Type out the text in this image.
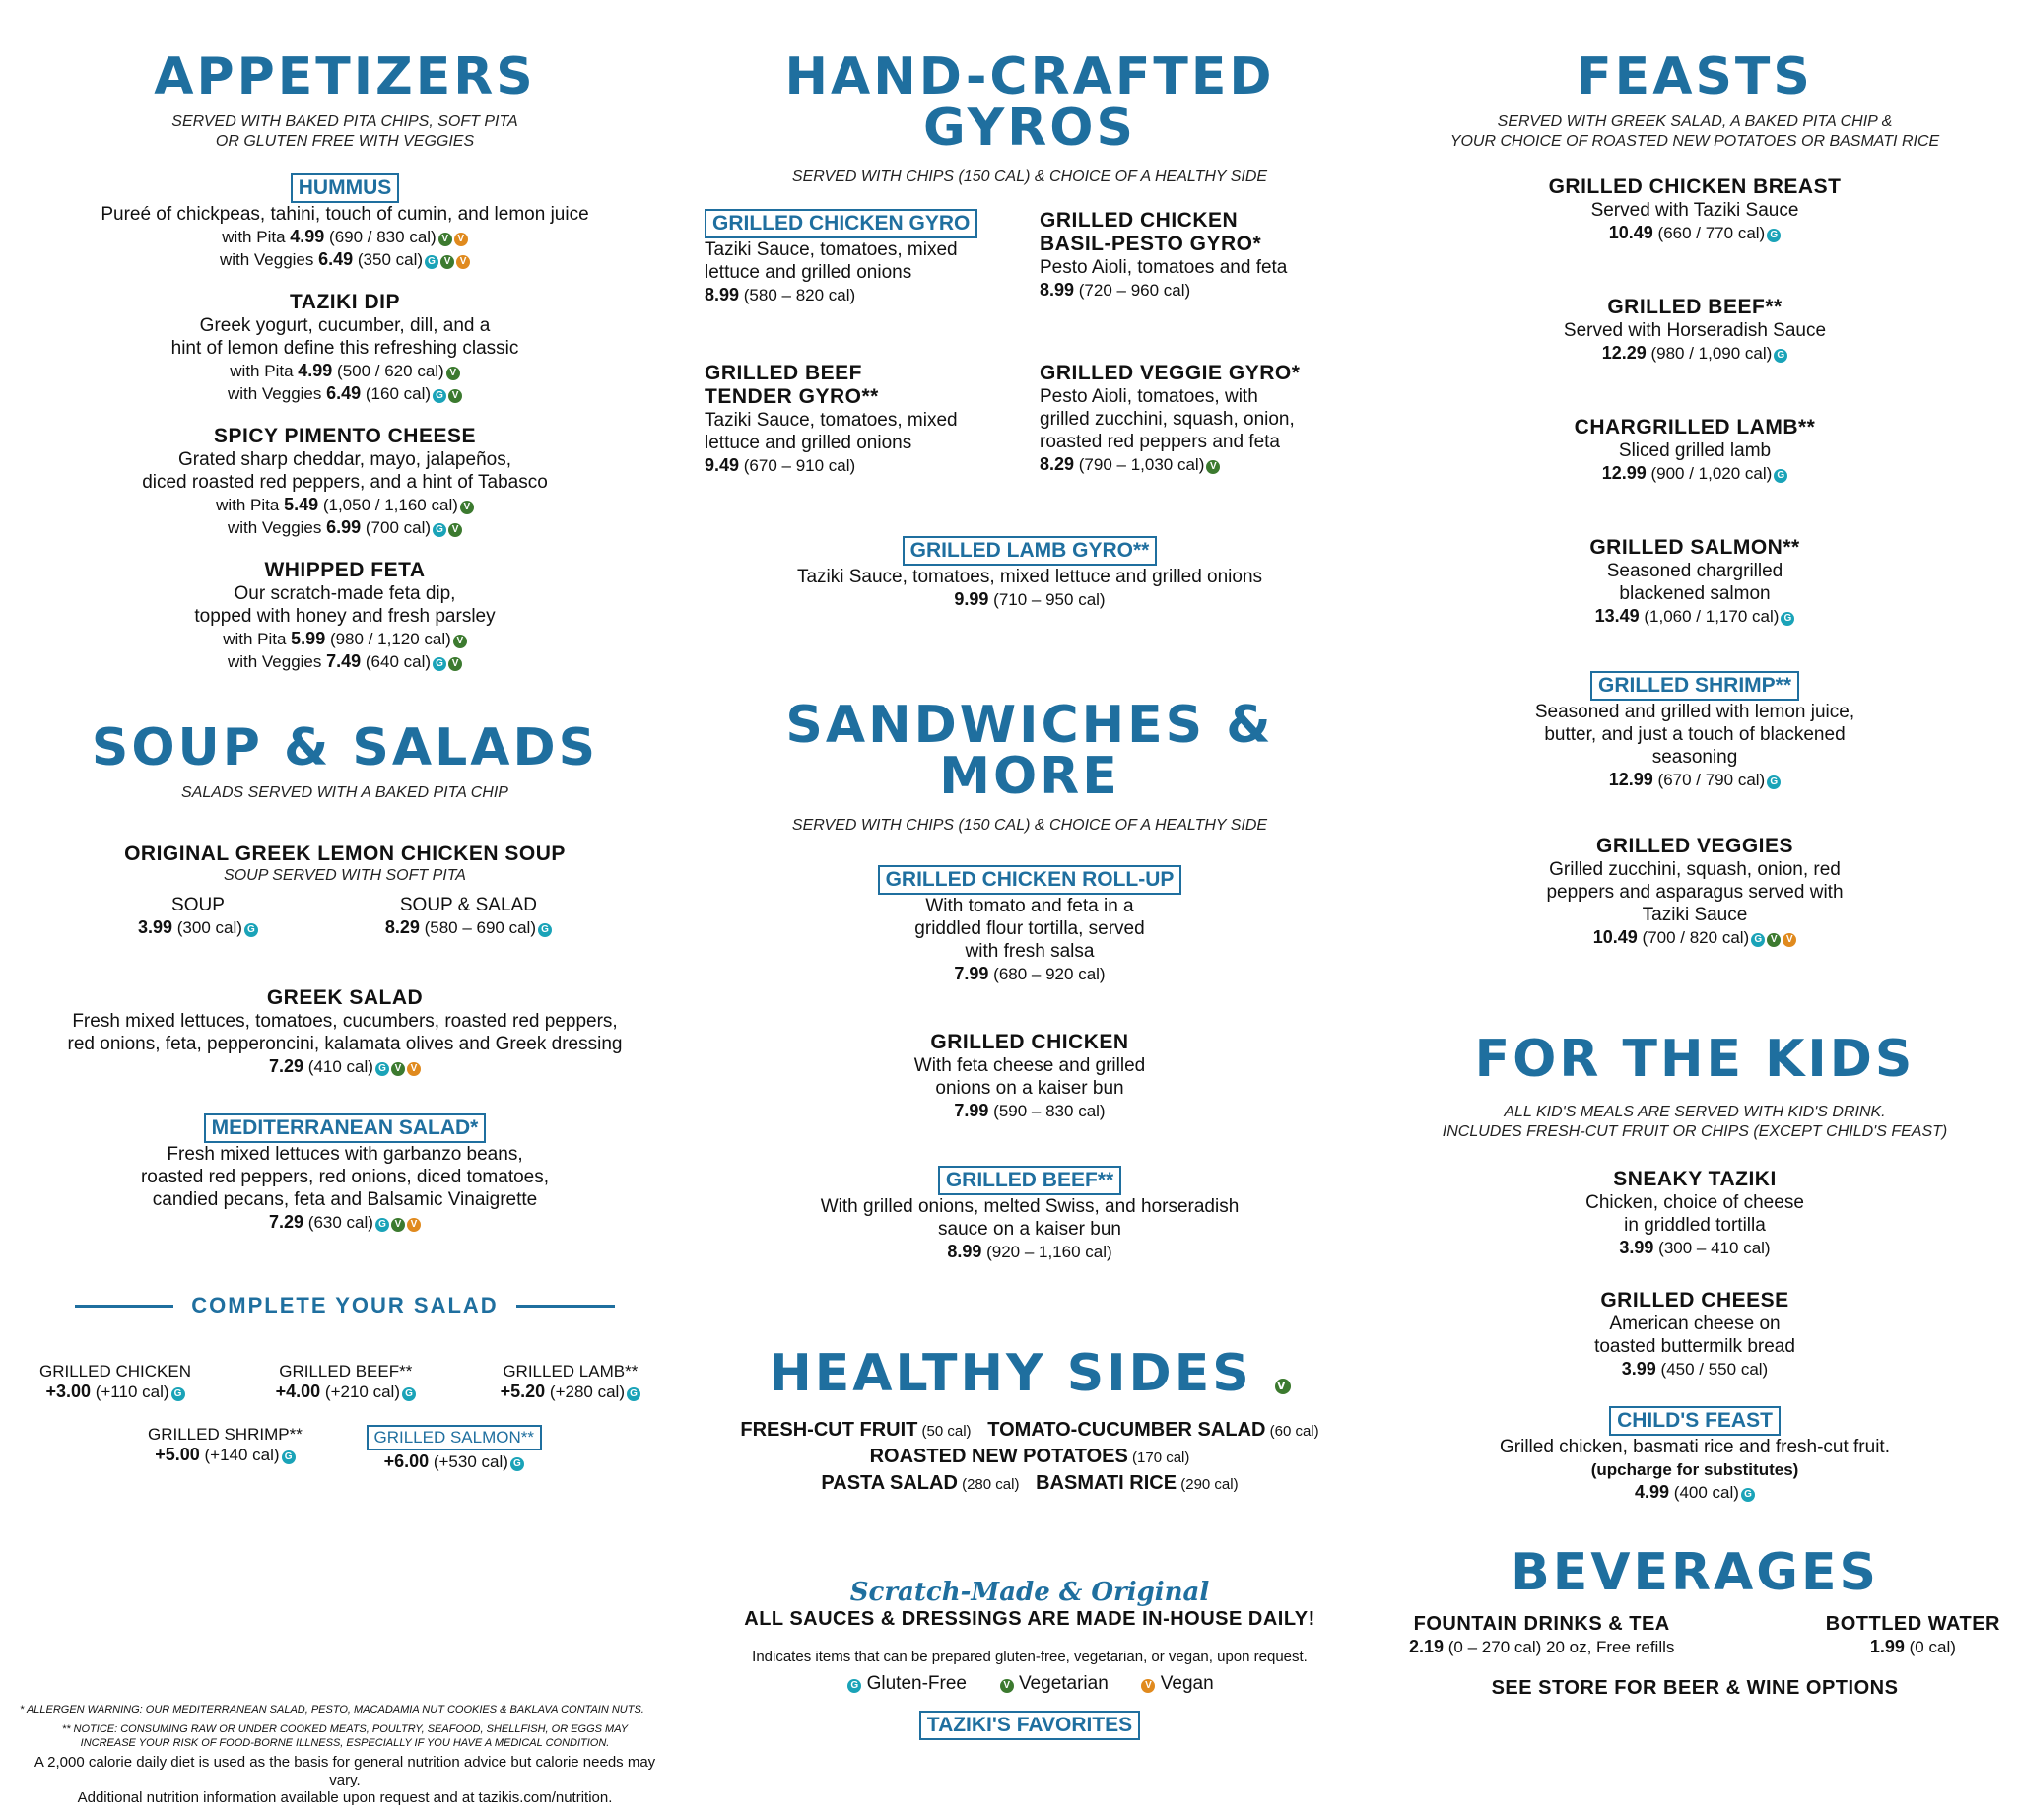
APPETIZERS
SERVED WITH BAKED PITA CHIPS, SOFT PITA
OR GLUTEN FREE WITH VEGGIES
HUMMUS
Pureé of chickpeas, tahini, touch of cumin, and lemon juice
with Pita 4.99 (690 / 830 cal) V V
with Veggies 6.49 (350 cal) G V V
TAZIKI DIP
Greek yogurt, cucumber, dill, and a
hint of lemon define this refreshing classic
with Pita 4.99 (500 / 620 cal) V
with Veggies 6.49 (160 cal) G V
SPICY PIMENTO CHEESE
Grated sharp cheddar, mayo, jalapeños,
diced roasted red peppers, and a hint of Tabasco
with Pita 5.49 (1,050 / 1,160 cal) V
with Veggies 6.99 (700 cal) G V
WHIPPED FETA
Our scratch-made feta dip,
topped with honey and fresh parsley
with Pita 5.99 (980 / 1,120 cal) V
with Veggies 7.49 (640 cal) G V
SOUP & SALADS
SALADS SERVED WITH A BAKED PITA CHIP
ORIGINAL GREEK LEMON CHICKEN SOUP
SOUP SERVED WITH SOFT PITA
SOUP
3.99 (300 cal) G
SOUP & SALAD
8.29 (580 – 690 cal) G
GREEK SALAD
Fresh mixed lettuces, tomatoes, cucumbers, roasted red peppers,
red onions, feta, pepperoncini, kalamata olives and Greek dressing
7.29 (410 cal) G V V
MEDITERRANEAN SALAD*
Fresh mixed lettuces with garbanzo beans,
roasted red peppers, red onions, diced tomatoes,
candied pecans, feta and Balsamic Vinaigrette
7.29 (630 cal) G V V
COMPLETE YOUR SALAD
GRILLED CHICKEN
+3.00 (+110 cal) G
GRILLED BEEF**
+4.00 (+210 cal) G
GRILLED LAMB**
+5.20 (+280 cal) G
GRILLED SHRIMP**
+5.00 (+140 cal) G
GRILLED SALMON**
+6.00 (+530 cal) G
* ALLERGEN WARNING: OUR MEDITERRANEAN SALAD, PESTO, MACADAMIA NUT COOKIES & BAKLAVA CONTAIN NUTS.
** NOTICE: CONSUMING RAW OR UNDER COOKED MEATS, POULTRY, SEAFOOD, SHELLFISH, OR EGGS MAY
INCREASE YOUR RISK OF FOOD-BORNE ILLNESS, ESPECIALLY IF YOU HAVE A MEDICAL CONDITION.
A 2,000 calorie daily diet is used as the basis for general nutrition advice but calorie needs may vary.
Additional nutrition information available upon request and at tazikis.com/nutrition.
HAND-CRAFTED GYROS
SERVED WITH CHIPS (150 CAL) & CHOICE OF A HEALTHY SIDE
GRILLED CHICKEN GYRO
Taziki Sauce, tomatoes, mixed
lettuce and grilled onions
8.99 (580 – 820 cal)
GRILLED CHICKEN
BASIL-PESTO GYRO*
Pesto Aioli, tomatoes and feta
8.99 (720 – 960 cal)
GRILLED BEEF
TENDER GYRO**
Taziki Sauce, tomatoes, mixed
lettuce and grilled onions
9.49 (670 – 910 cal)
GRILLED VEGGIE GYRO*
Pesto Aioli, tomatoes, with
grilled zucchini, squash, onion,
roasted red peppers and feta
8.29 (790 – 1,030 cal) V
GRILLED LAMB GYRO**
Taziki Sauce, tomatoes, mixed lettuce and grilled onions
9.99 (710 – 950 cal)
SANDWICHES & MORE
SERVED WITH CHIPS (150 CAL) & CHOICE OF A HEALTHY SIDE
GRILLED CHICKEN ROLL-UP
With tomato and feta in a
griddled flour tortilla, served
with fresh salsa
7.99 (680 – 920 cal)
GRILLED CHICKEN
With feta cheese and grilled
onions on a kaiser bun
7.99 (590 – 830 cal)
GRILLED BEEF**
With grilled onions, melted Swiss, and horseradish
sauce on a kaiser bun
8.99 (920 – 1,160 cal)
HEALTHY SIDES V
FRESH-CUT FRUIT (50 cal) TOMATO-CUCUMBER SALAD (60 cal)
ROASTED NEW POTATOES (170 cal)
PASTA SALAD (280 cal) BASMATI RICE (290 cal)
Scratch-Made & Original
ALL SAUCES & DRESSINGS ARE MADE IN-HOUSE DAILY!
Indicates items that can be prepared gluten-free, vegetarian, or vegan, upon request.
G Gluten-Free	V Vegetarian	V Vegan
TAZIKI'S FAVORITES
FEASTS
SERVED WITH GREEK SALAD, A BAKED PITA CHIP &
YOUR CHOICE OF ROASTED NEW POTATOES OR BASMATI RICE
GRILLED CHICKEN BREAST
Served with Taziki Sauce
10.49 (660 / 770 cal) G
GRILLED BEEF**
Served with Horseradish Sauce
12.29 (980 / 1,090 cal) G
CHARGRILLED LAMB**
Sliced grilled lamb
12.99 (900 / 1,020 cal) G
GRILLED SALMON**
Seasoned chargrilled
blackened salmon
13.49 (1,060 / 1,170 cal) G
GRILLED SHRIMP**
Seasoned and grilled with lemon juice,
butter, and just a touch of blackened
seasoning
12.99 (670 / 790 cal) G
GRILLED VEGGIES
Grilled zucchini, squash, onion, red
peppers and asparagus served with
Taziki Sauce
10.49 (700 / 820 cal) G V V
FOR THE KIDS
ALL KID'S MEALS ARE SERVED WITH KID'S DRINK.
INCLUDES FRESH-CUT FRUIT OR CHIPS (EXCEPT CHILD'S FEAST)
SNEAKY TAZIKI
Chicken, choice of cheese
in griddled tortilla
3.99 (300 – 410 cal)
GRILLED CHEESE
American cheese on
toasted buttermilk bread
3.99 (450 / 550 cal)
CHILD'S FEAST
Grilled chicken, basmati rice and fresh-cut fruit.
(upcharge for substitutes)
4.99 (400 cal) G
BEVERAGES
FOUNTAIN DRINKS & TEA
2.19 (0 – 270 cal) 20 oz, Free refills
BOTTLED WATER
1.99 (0 cal)
SEE STORE FOR BEER & WINE OPTIONS
